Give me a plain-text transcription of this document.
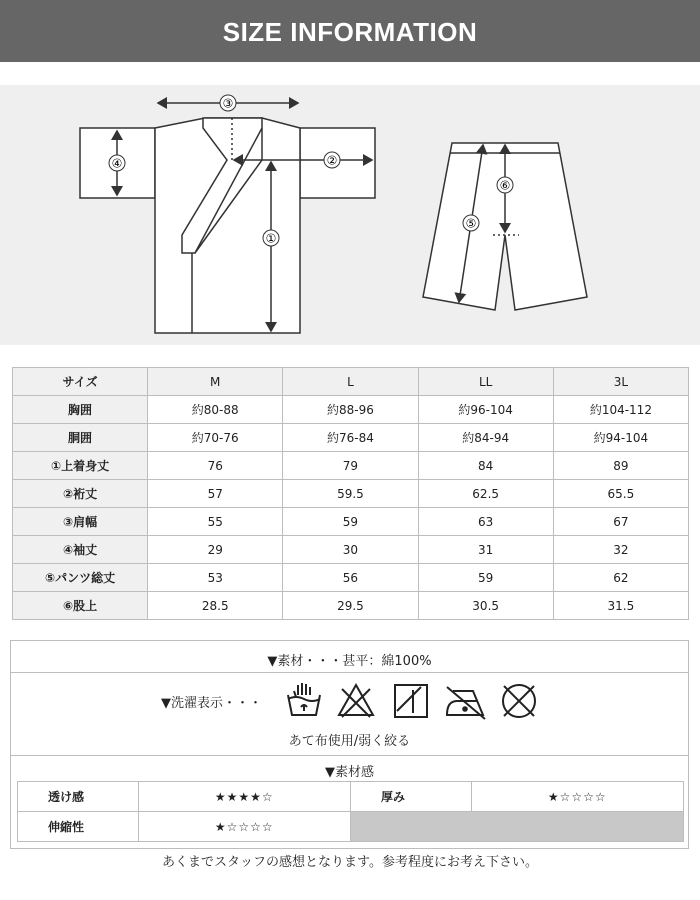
SIZE INFORMATION
③
④	②
①
⑤
⑥
サイズ	M	L	LL	3L
胸囲	約80-88	約88-96	約96-104	約104-112
胴囲	約70-76	約76-84	約84-94	約94-104
①上着身丈	76	79	84	89
②裄丈	57	59.5	62.5	65.5
③肩幅	55	59	63	67
④袖丈	29	30	31	32
⑤パンツ総丈	53	56	59	62
⑥股上	28.5	29.5	30.5	31.5
▼素材・・・甚平：綿100%
▼洗濯表示・・・
あて布使用/弱く絞る
▼素材感
透け感	★★★★☆	厚み	★☆☆☆☆
伸縮性	★☆☆☆☆		
あくまでスタッフの感想となります。参考程度にお考え下さい。
